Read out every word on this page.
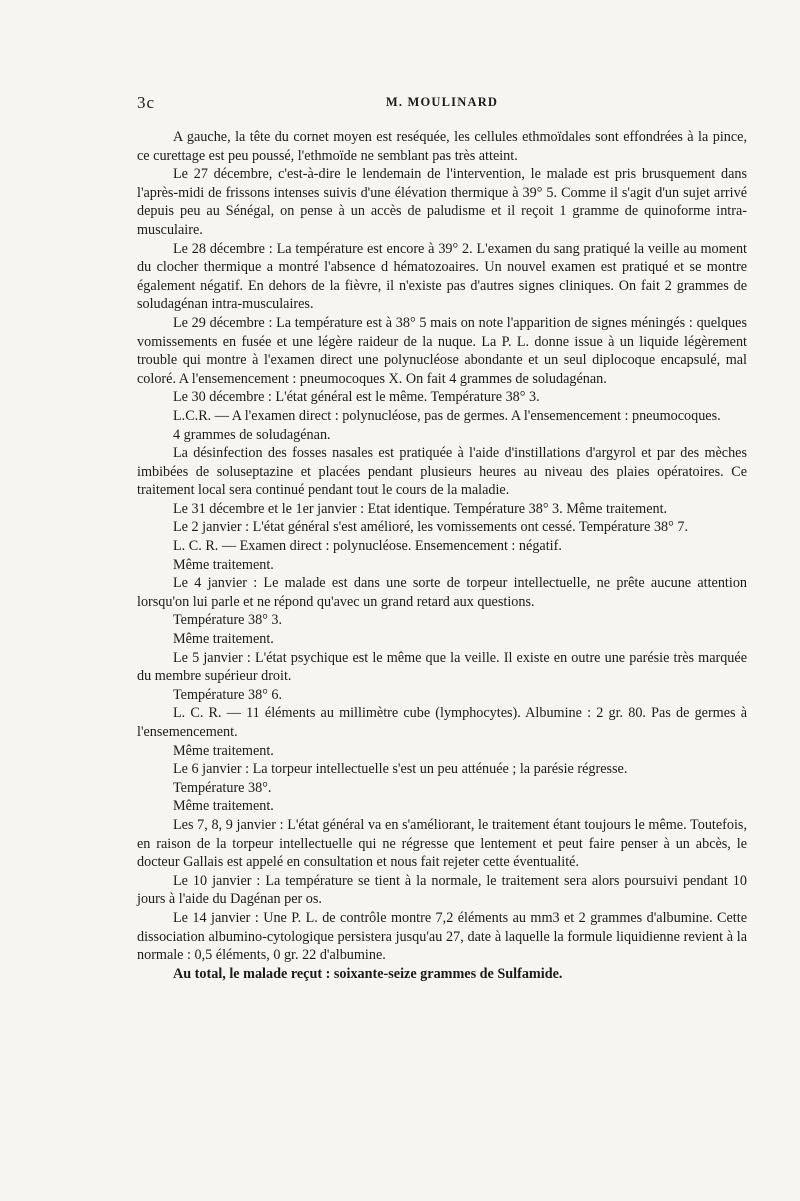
3c	M. MOULINARD

A gauche, la tête du cornet moyen est reséquée, les cellules ethmoïdales sont effondrées à la pince, ce curettage est peu poussé, l'ethmoïde ne semblant pas très atteint.

Le 27 décembre, c'est-à-dire le lendemain de l'intervention, le malade est pris brusquement dans l'après-midi de frissons intenses suivis d'une élévation thermique à 39° 5. Comme il s'agit d'un sujet arrivé depuis peu au Sénégal, on pense à un accès de paludisme et il reçoit 1 gramme de quinoforme intra-musculaire.

Le 28 décembre : La température est encore à 39° 2. L'examen du sang pratiqué la veille au moment du clocher thermique a montré l'absence d hématozoaires. Un nouvel examen est pratiqué et se montre également négatif. En dehors de la fièvre, il n'existe pas d'autres signes cliniques. On fait 2 grammes de soludagénan intra-musculaires.

Le 29 décembre : La température est à 38° 5 mais on note l'apparition de signes méningés : quelques vomissements en fusée et une légère raideur de la nuque. La P. L. donne issue à un liquide légèrement trouble qui montre à l'examen direct une polynucléose abondante et un seul diplocoque encapsulé, mal coloré. A l'ensemencement : pneumocoques X. On fait 4 grammes de soludagénan.

Le 30 décembre : L'état général est le même. Température 38° 3.

L.C.R. — A l'examen direct : polynucléose, pas de germes. A l'ensemencement : pneumocoques.

4 grammes de soludagénan.

La désinfection des fosses nasales est pratiquée à l'aide d'instillations d'argyrol et par des mèches imbibées de soluseptazine et placées pendant plusieurs heures au niveau des plaies opératoires. Ce traitement local sera continué pendant tout le cours de la maladie.

Le 31 décembre et le 1er janvier : Etat identique. Température 38° 3. Même traitement.

Le 2 janvier : L'état général s'est amélioré, les vomissements ont cessé. Température 38° 7.

L. C. R. — Examen direct : polynucléose. Ensemencement : négatif.

Même traitement.

Le 4 janvier : Le malade est dans une sorte de torpeur intellectuelle, ne prête aucune attention lorsqu'on lui parle et ne répond qu'avec un grand retard aux questions.

Température 38° 3.

Même traitement.

Le 5 janvier : L'état psychique est le même que la veille. Il existe en outre une parésie très marquée du membre supérieur droit.

Température 38° 6.

L. C. R. — 11 éléments au millimètre cube (lymphocytes). Albumine : 2 gr. 80. Pas de germes à l'ensemencement.

Même traitement.

Le 6 janvier : La torpeur intellectuelle s'est un peu atténuée ; la parésie régresse.

Température 38°.

Même traitement.

Les 7, 8, 9 janvier : L'état général va en s'améliorant, le traitement étant toujours le même. Toutefois, en raison de la torpeur intellectuelle qui ne régresse que lentement et peut faire penser à un abcès, le docteur Gallais est appelé en consultation et nous fait rejeter cette éventualité.

Le 10 janvier : La température se tient à la normale, le traitement sera alors poursuivi pendant 10 jours à l'aide du Dagénan per os.

Le 14 janvier : Une P. L. de contrôle montre 7,2 éléments au mm3 et 2 grammes d'albumine. Cette dissociation albumino-cytologique persistera jusqu'au 27, date à laquelle la formule liquidienne revient à la normale : 0,5 éléments, 0 gr. 22 d'albumine.

Au total, le malade reçut : soixante-seize grammes de Sulfamide.
